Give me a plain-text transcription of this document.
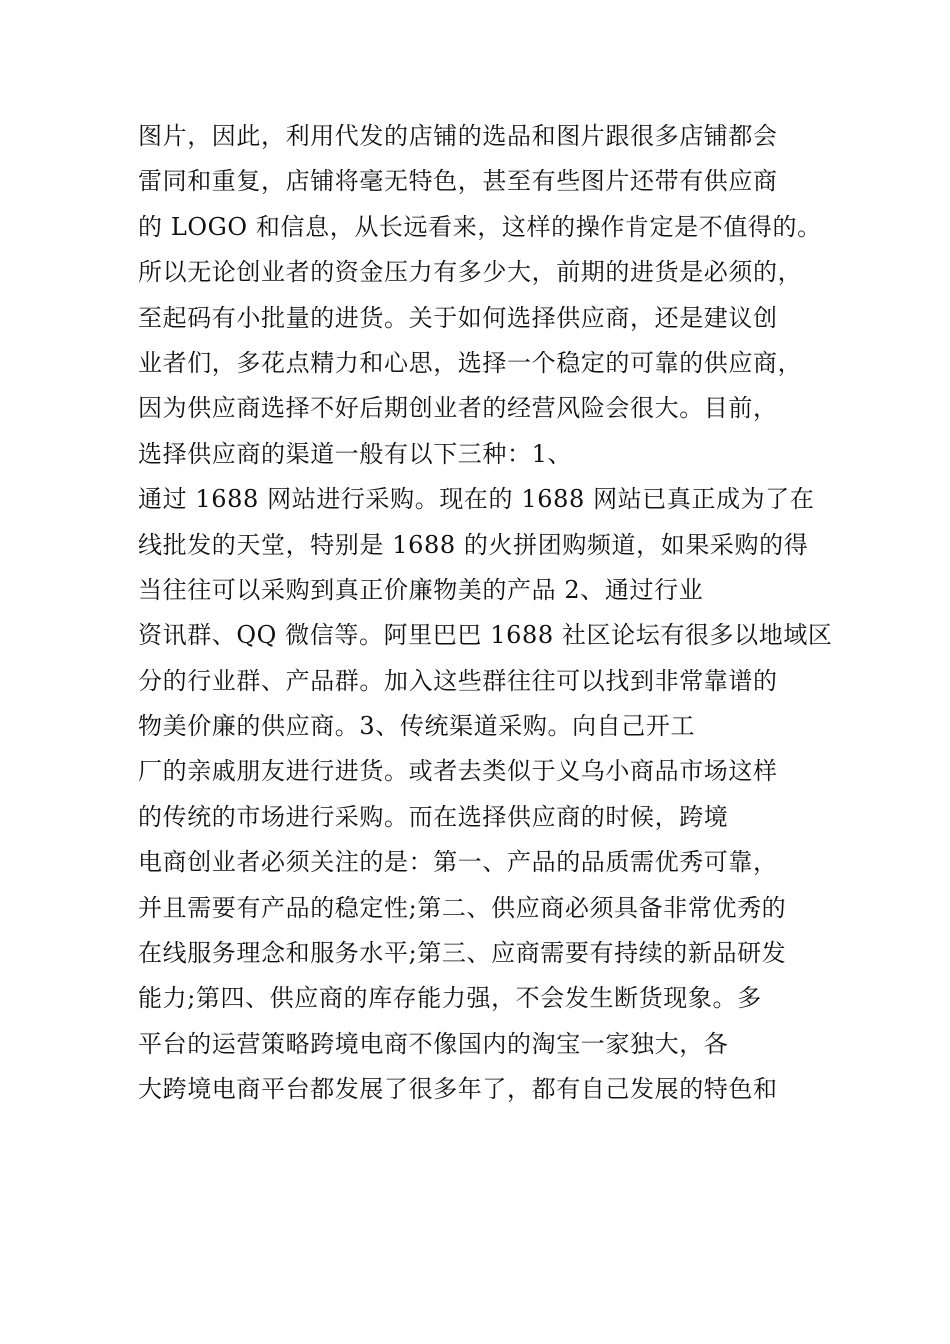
图片，因此，利用代发的店铺的选品和图片跟很多店铺都会
雷同和重复，店铺将毫无特色，甚至有些图片还带有供应商
的 LOGO 和信息，从长远看来，这样的操作肯定是不值得的。
所以无论创业者的资金压力有多少大，前期的进货是必须的，
至起码有小批量的进货。关于如何选择供应商，还是建议创
业者们，多花点精力和心思，选择一个稳定的可靠的供应商，
因为供应商选择不好后期创业者的经营风险会很大。目前，
选择供应商的渠道一般有以下三种：1、
通过 1688 网站进行采购。现在的 1688 网站已真正成为了在
线批发的天堂，特别是 1688 的火拼团购频道，如果采购的得
当往往可以采购到真正价廉物美的产品 2、通过行业
资讯群、QQ 微信等。阿里巴巴 1688 社区论坛有很多以地域区
分的行业群、产品群。加入这些群往往可以找到非常靠谱的
物美价廉的供应商。3、传统渠道采购。向自己开工
厂的亲戚朋友进行进货。或者去类似于义乌小商品市场这样
的传统的市场进行采购。而在选择供应商的时候，跨境
电商创业者必须关注的是：第一、产品的品质需优秀可靠，
并且需要有产品的稳定性;第二、供应商必须具备非常优秀的
在线服务理念和服务水平;第三、应商需要有持续的新品研发
能力;第四、供应商的库存能力强，不会发生断货现象。多
平台的运营策略跨境电商不像国内的淘宝一家独大，各
大跨境电商平台都发展了很多年了，都有自己发展的特色和
